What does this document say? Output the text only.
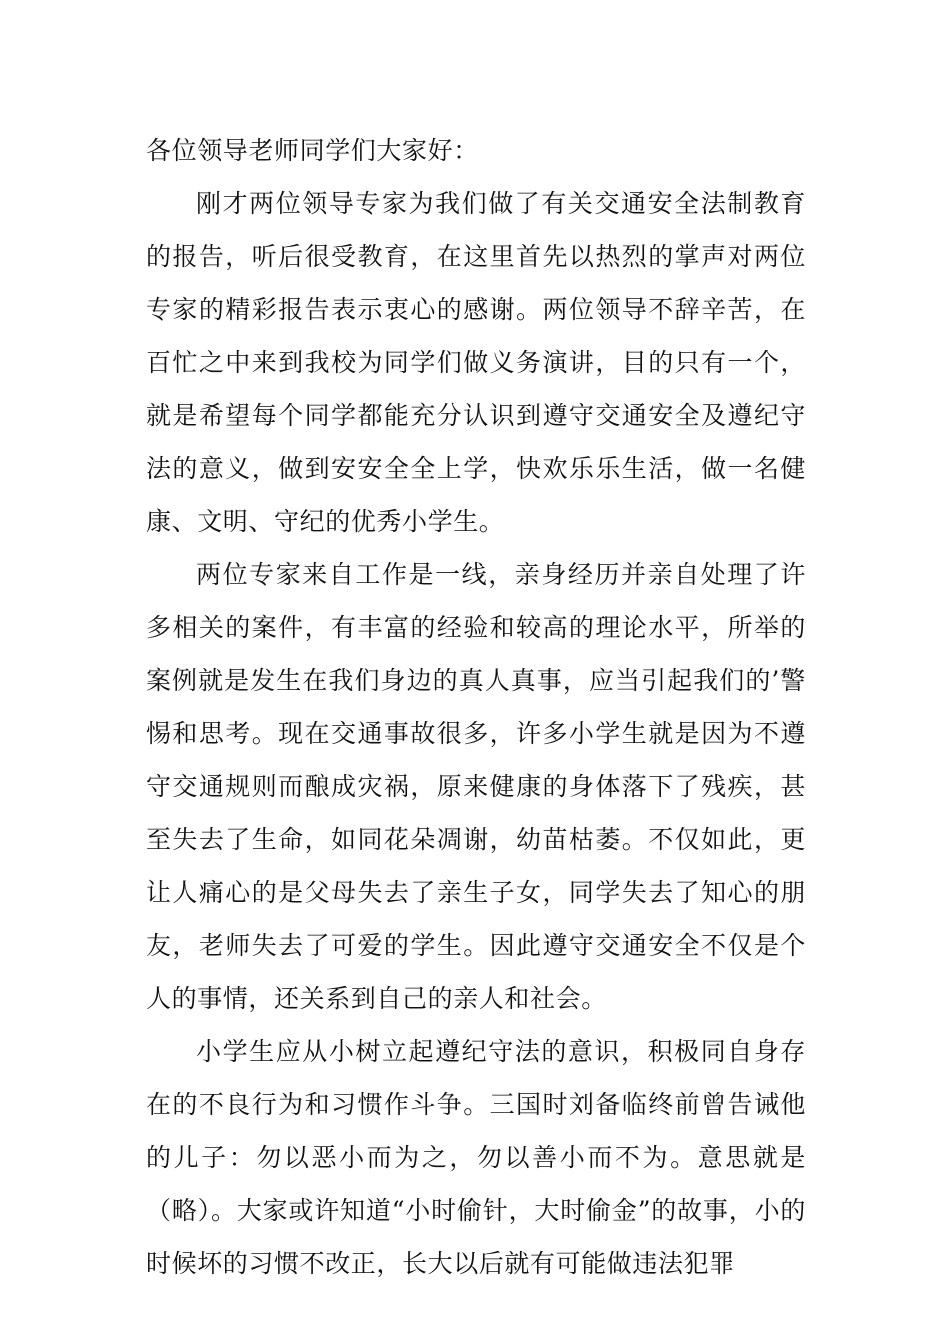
各位领导老师同学们大家好：

刚才两位领导专家为我们做了有关交通安全法制教育的报告，听后很受教育，在这里首先以热烈的掌声对两位专家的精彩报告表示衷心的感谢。两位领导不辞辛苦，在百忙之中来到我校为同学们做义务演讲，目的只有一个，就是希望每个同学都能充分认识到遵守交通安全及遵纪守法的意义，做到安安全全上学，快欢乐乐生活，做一名健康、文明、守纪的优秀小学生。

两位专家来自工作是一线，亲身经历并亲自处理了许多相关的案件，有丰富的经验和较高的理论水平，所举的案例就是发生在我们身边的真人真事，应当引起我们的’警惕和思考。现在交通事故很多，许多小学生就是因为不遵守交通规则而酿成灾祸，原来健康的身体落下了残疾，甚至失去了生命，如同花朵凋谢，幼苗枯萎。不仅如此，更让人痛心的是父母失去了亲生子女，同学失去了知心的朋友，老师失去了可爱的学生。因此遵守交通安全不仅是个人的事情，还关系到自己的亲人和社会。

小学生应从小树立起遵纪守法的意识，积极同自身存在的不良行为和习惯作斗争。三国时刘备临终前曾告诫他的儿子：勿以恶小而为之，勿以善小而不为。意思就是（略）。大家或许知道“小时偷针，大时偷金”的故事，小的时候坏的习惯不改正，长大以后就有可能做违法犯罪
